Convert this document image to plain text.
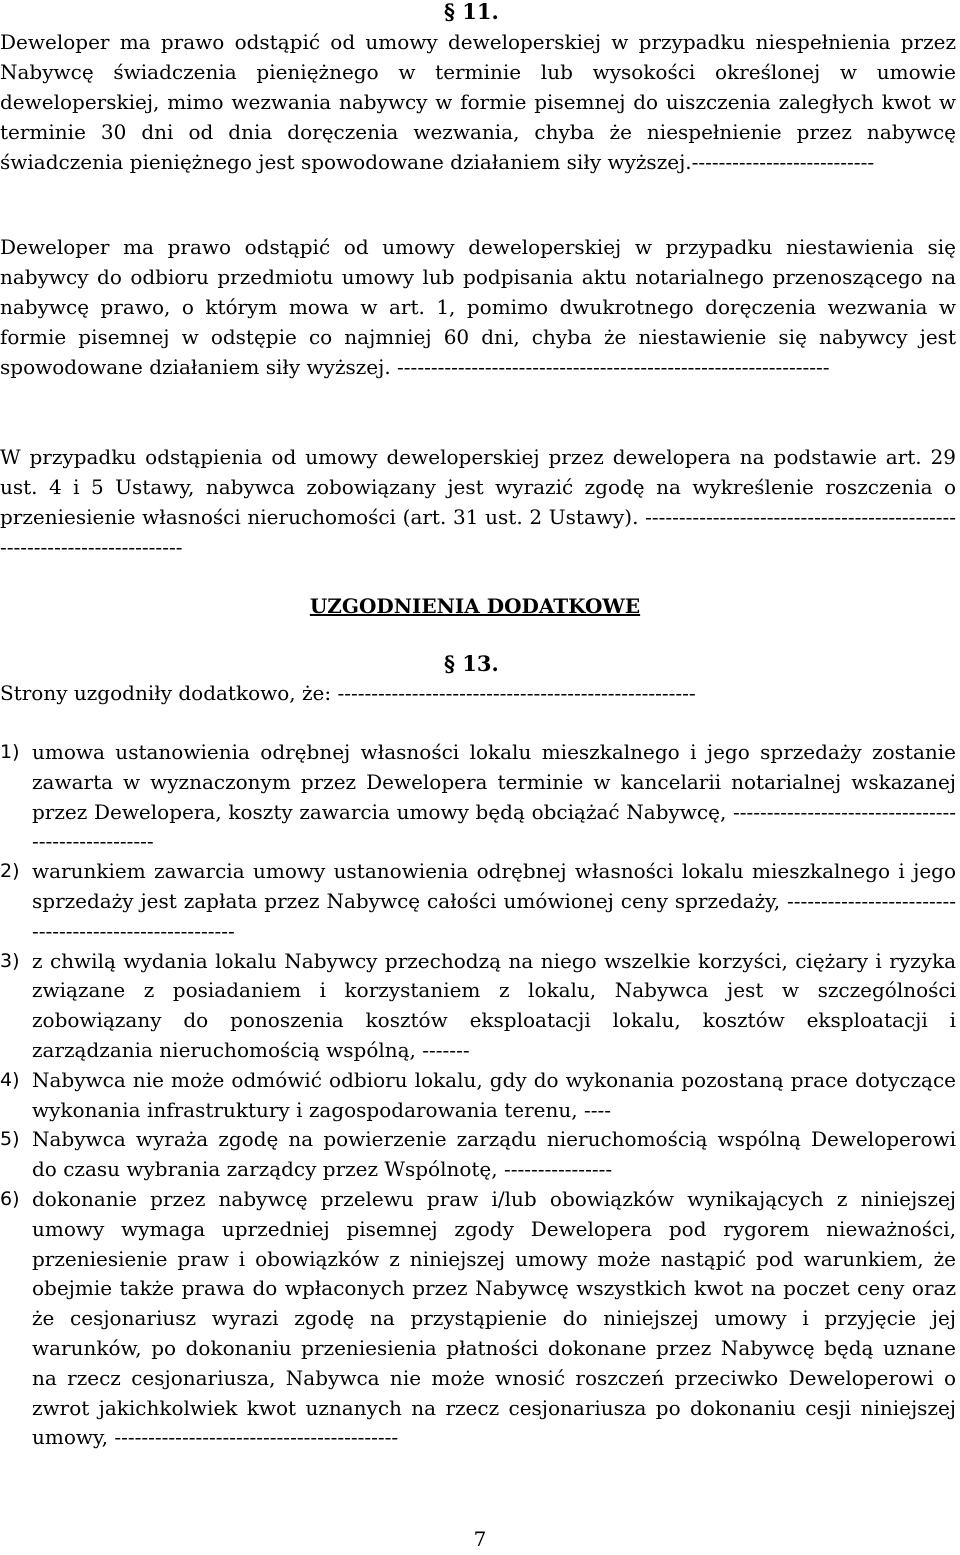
§ 11.

Deweloper ma prawo odstąpić od umowy deweloperskiej w przypadku niespełnienia przez Nabywcę świadczenia pieniężnego w terminie lub wysokości określonej w umowie deweloperskiej, mimo wezwania nabywcy w formie pisemnej do uiszczenia zaległych kwot w terminie 30 dni od dnia doręczenia wezwania, chyba że niespełnienie przez nabywcę świadczenia pieniężnego jest spowodowane działaniem siły wyższej.---------------------------

Deweloper ma prawo odstąpić od umowy deweloperskiej w przypadku niestawienia się nabywcy do odbioru przedmiotu umowy lub podpisania aktu notarialnego przenoszącego na nabywcę prawo, o którym mowa w art. 1, pomimo dwukrotnego doręczenia wezwania w formie pisemnej w odstępie co najmniej 60 dni, chyba że niestawienie się nabywcy jest spowodowane działaniem siły wyższej. ----------------------------------------------------------------

W przypadku odstąpienia od umowy deweloperskiej przez dewelopera na podstawie art. 29 ust. 4 i 5 Ustawy, nabywca zobowiązany jest wyrazić zgodę na wykreślenie roszczenia o przeniesienie własności nieruchomości (art. 31 ust. 2 Ustawy). -------------------------------------------------------------------------

UZGODNIENIA DODATKOWE
§ 13.

Strony uzgodniły dodatkowo, że: -----------------------------------------------------

1) umowa ustanowienia odrębnej własności lokalu mieszkalnego i jego sprzedaży zostanie zawarta w wyznaczonym przez Dewelopera terminie w kancelarii notarialnej wskazanej przez Dewelopera, koszty zawarcia umowy będą obciążać Nabywcę, ---------------------------------------------------
2) warunkiem zawarcia umowy ustanowienia odrębnej własności lokalu mieszkalnego i jego sprzedaży jest zapłata przez Nabywcę całości umówionej ceny sprzedaży, -------------------------------------------------------
3) z chwilą wydania lokalu Nabywcy przechodzą na niego wszelkie korzyści, ciężary i ryzyka związane z posiadaniem i korzystaniem z lokalu, Nabywca jest w szczególności zobowiązany do ponoszenia kosztów eksploatacji lokalu, kosztów eksploatacji i zarządzania nieruchomością wspólną, -------
4) Nabywca nie może odmówić odbioru lokalu, gdy do wykonania pozostaną prace dotyczące wykonania infrastruktury i zagospodarowania terenu, ----
5) Nabywca wyraża zgodę na powierzenie zarządu nieruchomością wspólną Deweloperowi do czasu wybrania zarządcy przez Wspólnotę, ----------------
6) dokonanie przez nabywcę przelewu praw i/lub obowiązków wynikających z niniejszej umowy wymaga uprzedniej pisemnej zgody Dewelopera pod rygorem nieważności, przeniesienie praw i obowiązków z niniejszej umowy może nastąpić pod warunkiem, że obejmie także prawa do wpłaconych przez Nabywcę wszystkich kwot na poczet ceny oraz że cesjonariusz wyrazi zgodę na przystąpienie do niniejszej umowy i przyjęcie jej warunków, po dokonaniu przeniesienia płatności dokonane przez Nabywcę będą uznane na rzecz cesjonariusza, Nabywca nie może wnosić roszczeń przeciwko Deweloperowi o zwrot jakichkolwiek kwot uznanych na rzecz cesjonariusza po dokonaniu cesji niniejszej umowy, ------------------------------------------
7
